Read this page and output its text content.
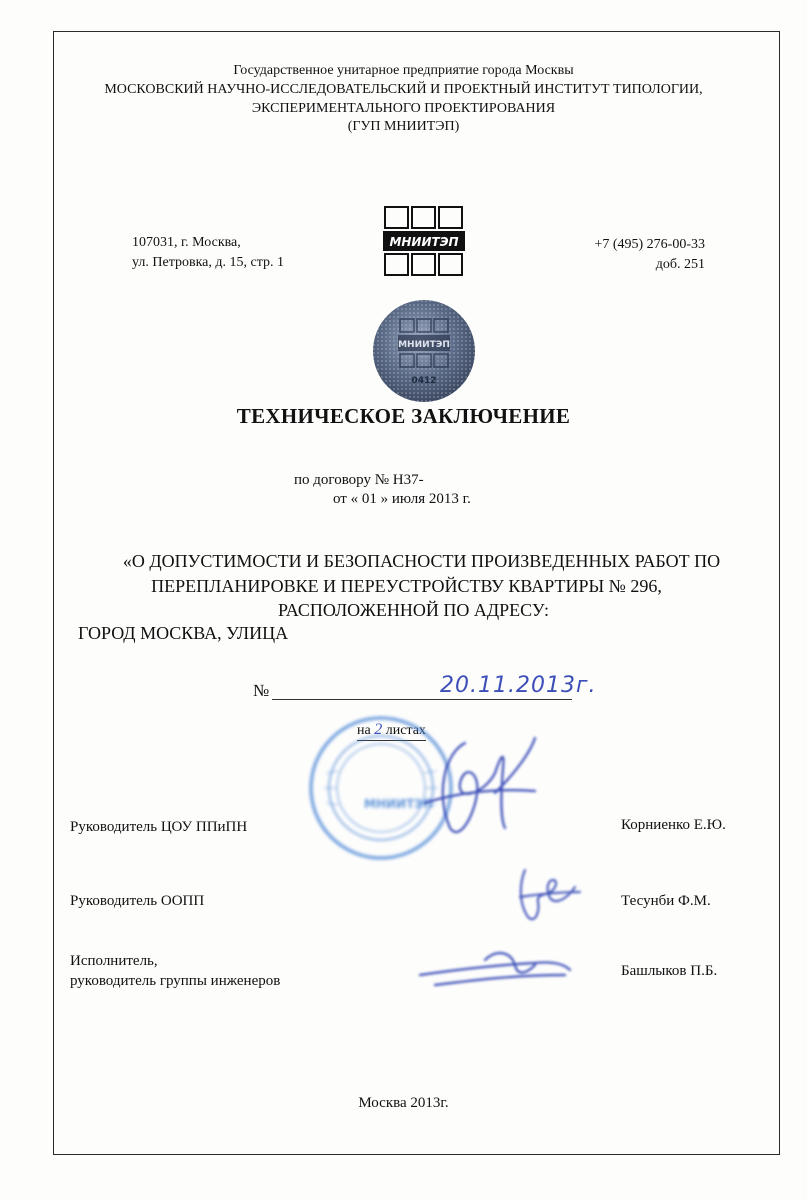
Государственное унитарное предприятие города Москвы
МОСКОВСКИЙ НАУЧНО-ИССЛЕДОВАТЕЛЬСКИЙ И ПРОЕКТНЫЙ ИНСТИТУТ ТИПОЛОГИИ,
ЭКСПЕРИМЕНТАЛЬНОГО ПРОЕКТИРОВАНИЯ
(ГУП МНИИТЭП)
107031, г. Москва,
ул. Петровка, д. 15, стр. 1
+7 (495) 276-00-33
доб. 251
МНИИТЭП
МНИИТЭП
0412
ТЕХНИЧЕСКОЕ ЗАКЛЮЧЕНИЕ
по договору № Н37-
от « 01 » июля 2013 г.
«О ДОПУСТИМОСТИ И БЕЗОПАСНОСТИ ПРОИЗВЕДЕННЫХ РАБОТ ПО
ПЕРЕПЛАНИРОВКЕ И ПЕРЕУСТРОЙСТВУ КВАРТИРЫ № 296,
РАСПОЛОЖЕННОЙ ПО АДРЕСУ:
ГОРОД МОСКВА, УЛИЦА
№	20.11.2013г.
на 2 листах
МНИИТЭП
Руководитель ЦОУ ППиПН	Корниенко Е.Ю.
Руководитель ООПП	Тесунби Ф.М.
Исполнитель,
руководитель группы инженеров
Башлыков П.Б.
Москва 2013г.
